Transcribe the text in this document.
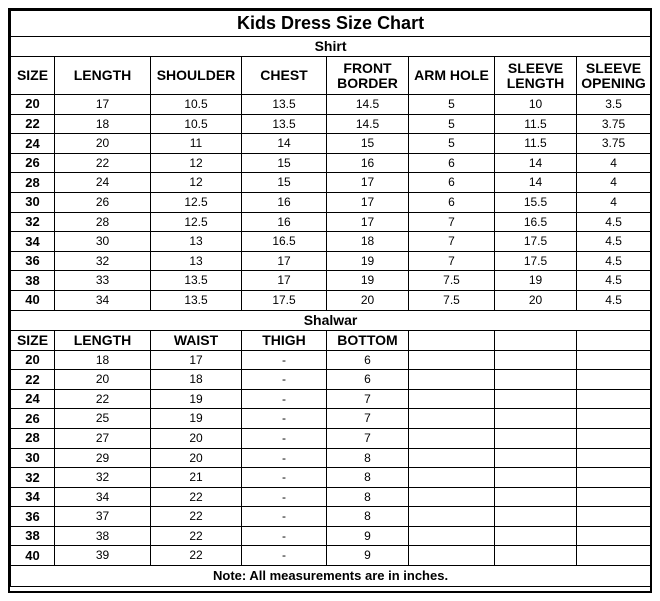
Kids Dress Size Chart							
Shirt							
SIZE	LENGTH	SHOULDER	CHEST	FRONT BORDER	ARM HOLE	SLEEVE LENGTH	SLEEVE OPENING
20	17	10.5	13.5	14.5	5	10	3.5
22	18	10.5	13.5	14.5	5	11.5	3.75
24	20	11	14	15	5	11.5	3.75
26	22	12	15	16	6	14	4
28	24	12	15	17	6	14	4
30	26	12.5	16	17	6	15.5	4
32	28	12.5	16	17	7	16.5	4.5
34	30	13	16.5	18	7	17.5	4.5
36	32	13	17	19	7	17.5	4.5
38	33	13.5	17	19	7.5	19	4.5
40	34	13.5	17.5	20	7.5	20	4.5
Shalwar							
SIZE	LENGTH	WAIST	THIGH	BOTTOM			
20	18	17	-	6			
22	20	18	-	6			
24	22	19	-	7			
26	25	19	-	7			
28	27	20	-	7			
30	29	20	-	8			
32	32	21	-	8			
34	34	22	-	8			
36	37	22	-	8			
38	38	22	-	9			
40	39	22	-	9			
Note: All measurements are in inches.							
